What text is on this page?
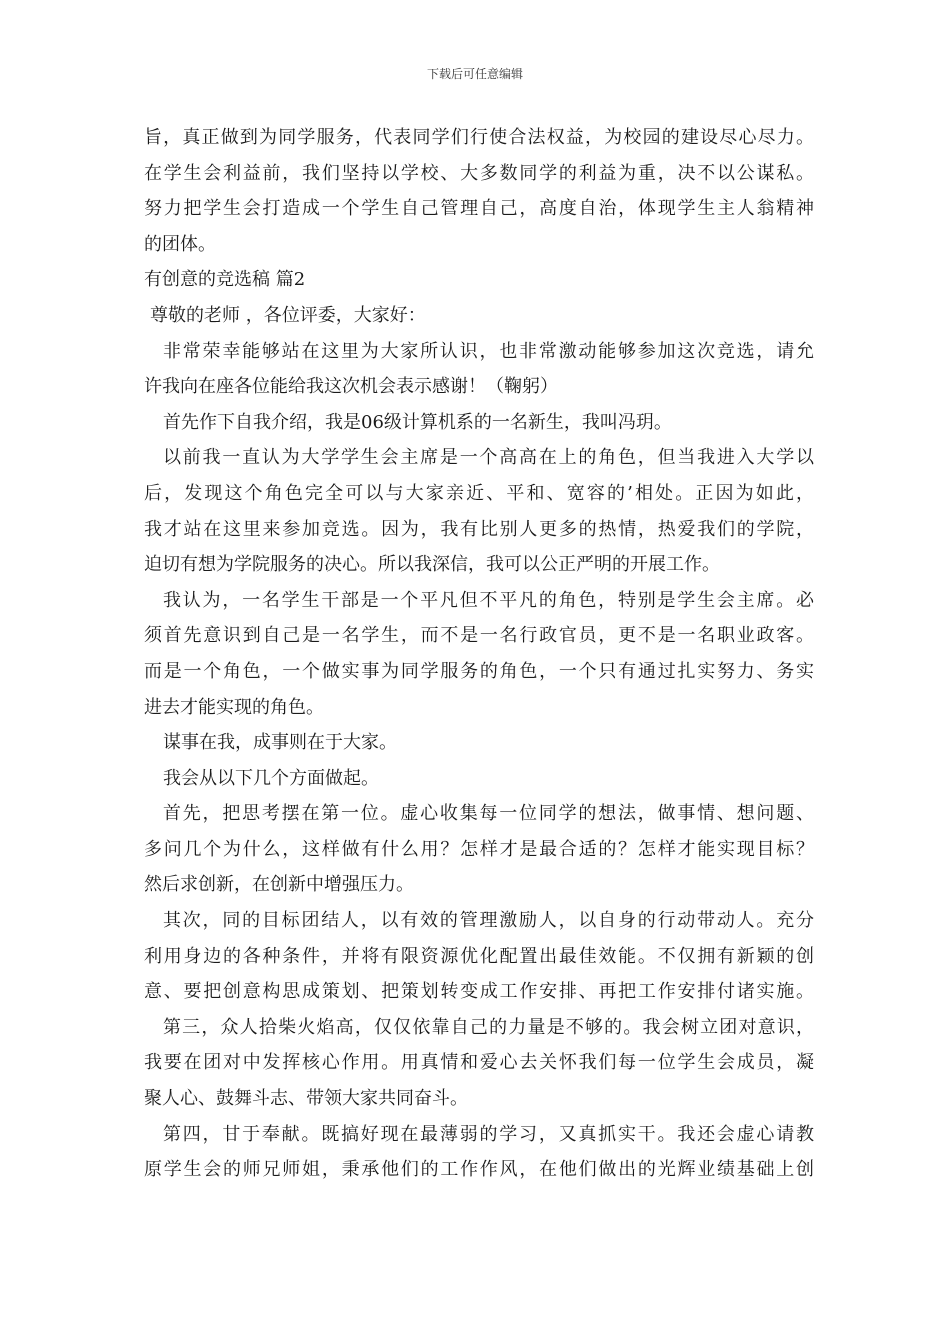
下载后可任意编辑
旨，真正做到为同学服务，代表同学们行使合法权益，为校园的建设尽心尽力。
在学生会利益前，我们坚持以学校、大多数同学的利益为重，决不以公谋私。
努力把学生会打造成一个学生自己管理自己，高度自治，体现学生主人翁精神
的团体。
有创意的竞选稿 篇2
尊敬的老师 ，各位评委，大家好：
非常荣幸能够站在这里为大家所认识，也非常激动能够参加这次竞选，请允
许我向在座各位能给我这次机会表示感谢！（鞠躬）
首先作下自我介绍，我是06级计算机系的一名新生，我叫冯玥。
以前我一直认为大学学生会主席是一个高高在上的角色，但当我进入大学以
后，发现这个角色完全可以与大家亲近、平和、宽容的’相处。正因为如此，
我才站在这里来参加竞选。因为，我有比别人更多的热情，热爱我们的学院，
迫切有想为学院服务的决心。所以我深信，我可以公正严明的开展工作。
我认为，一名学生干部是一个平凡但不平凡的角色，特别是学生会主席。必
须首先意识到自己是一名学生，而不是一名行政官员，更不是一名职业政客。
而是一个角色，一个做实事为同学服务的角色，一个只有通过扎实努力、务实
进去才能实现的角色。
谋事在我，成事则在于大家。
我会从以下几个方面做起。
首先，把思考摆在第一位。虚心收集每一位同学的想法，做事情、想问题、
多问几个为什么，这样做有什么用？怎样才是最合适的？怎样才能实现目标？
然后求创新，在创新中增强压力。
其次，同的目标团结人，以有效的管理激励人，以自身的行动带动人。充分
利用身边的各种条件，并将有限资源优化配置出最佳效能。不仅拥有新颖的创
意、要把创意构思成策划、把策划转变成工作安排、再把工作安排付诸实施。
第三，众人拾柴火焰高，仅仅依靠自己的力量是不够的。我会树立团对意识，
我要在团对中发挥核心作用。用真情和爱心去关怀我们每一位学生会成员，凝
聚人心、鼓舞斗志、带领大家共同奋斗。
第四，甘于奉献。既搞好现在最薄弱的学习，又真抓实干。我还会虚心请教
原学生会的师兄师姐，秉承他们的工作作风，在他们做出的光辉业绩基础上创
